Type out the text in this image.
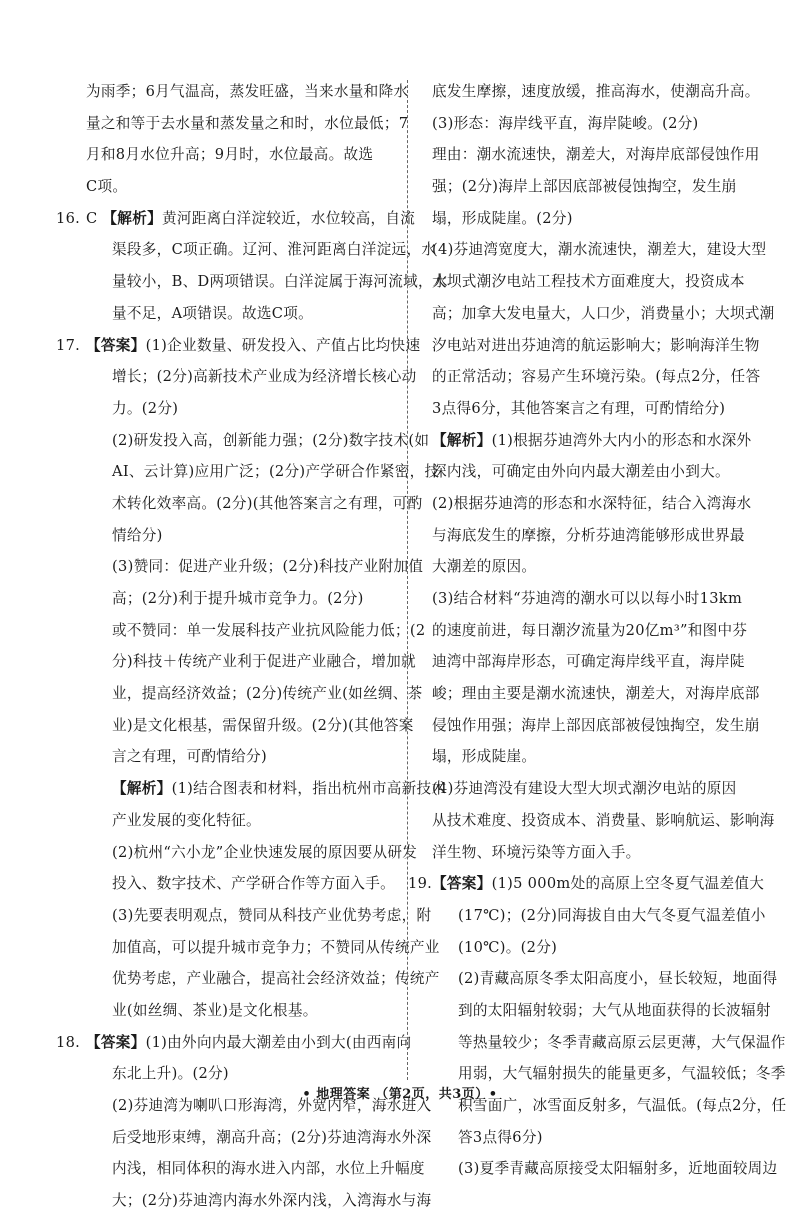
为雨季；6月气温高，蒸发旺盛，当来水量和降水
量之和等于去水量和蒸发量之和时，水位最低；7
月和8月水位升高；9月时，水位最高。故选
C项。
16. C 【解析】黄河距离白洋淀较近，水位较高，自流
渠段多，C项正确。辽河、淮河距离白洋淀远，水
量较小，B、D两项错误。白洋淀属于海河流域，水
量不足，A项错误。故选C项。
17. 【答案】(1)企业数量、研发投入、产值占比均快速
增长；(2分)高新技术产业成为经济增长核心动
力。(2分)
(2)研发投入高，创新能力强；(2分)数字技术(如
AI、云计算)应用广泛；(2分)产学研合作紧密，技
术转化效率高。(2分)(其他答案言之有理，可酌
情给分)
(3)赞同：促进产业升级；(2分)科技产业附加值
高；(2分)利于提升城市竞争力。(2分)
或不赞同：单一发展科技产业抗风险能力低；(2
分)科技＋传统产业利于促进产业融合，增加就
业，提高经济效益；(2分)传统产业(如丝绸、茶
业)是文化根基，需保留升级。(2分)(其他答案
言之有理，可酌情给分)
【解析】(1)结合图表和材料，指出杭州市高新技术
产业发展的变化特征。
(2)杭州“六小龙”企业快速发展的原因要从研发
投入、数字技术、产学研合作等方面入手。
(3)先要表明观点，赞同从科技产业优势考虑，附
加值高，可以提升城市竞争力；不赞同从传统产业
优势考虑，产业融合，提高社会经济效益；传统产
业(如丝绸、茶业)是文化根基。
18. 【答案】(1)由外向内最大潮差由小到大(由西南向
东北上升)。(2分)
(2)芬迪湾为喇叭口形海湾，外宽内窄，海水进入
后受地形束缚，潮高升高；(2分)芬迪湾海水外深
内浅，相同体积的海水进入内部，水位上升幅度
大；(2分)芬迪湾内海水外深内浅，入湾海水与海
底发生摩擦，速度放缓，推高海水，使潮高升高。
(3)形态：海岸线平直，海岸陡峻。(2分)
理由：潮水流速快，潮差大，对海岸底部侵蚀作用
强；(2分)海岸上部因底部被侵蚀掏空，发生崩
塌，形成陡崖。(2分)
(4)芬迪湾宽度大，潮水流速快，潮差大，建设大型
大坝式潮汐电站工程技术方面难度大，投资成本
高；加拿大发电量大，人口少，消费量小；大坝式潮
汐电站对进出芬迪湾的航运影响大；影响海洋生物
的正常活动；容易产生环境污染。(每点2分，任答
3点得6分，其他答案言之有理，可酌情给分)
【解析】(1)根据芬迪湾外大内小的形态和水深外
深内浅，可确定由外向内最大潮差由小到大。
(2)根据芬迪湾的形态和水深特征，结合入湾海水
与海底发生的摩擦，分析芬迪湾能够形成世界最
大潮差的原因。
(3)结合材料“芬迪湾的潮水可以以每小时13km
的速度前进，每日潮汐流量为20亿m³”和图中芬
迪湾中部海岸形态，可确定海岸线平直，海岸陡
峻；理由主要是潮水流速快，潮差大，对海岸底部
侵蚀作用强；海岸上部因底部被侵蚀掏空，发生崩
塌，形成陡崖。
(4)芬迪湾没有建设大型大坝式潮汐电站的原因
从技术难度、投资成本、消费量、影响航运、影响海
洋生物、环境污染等方面入手。
19.【答案】(1)5 000m处的高原上空冬夏气温差值大
(17℃)；(2分)同海拔自由大气冬夏气温差值小
(10℃)。(2分)
(2)青藏高原冬季太阳高度小，昼长较短，地面得
到的太阳辐射较弱；大气从地面获得的长波辐射
等热量较少；冬季青藏高原云层更薄，大气保温作
用弱，大气辐射损失的能量更多，气温较低；冬季
积雪面广，冰雪面反射多，气温低。(每点2分，任
答3点得6分)
(3)夏季青藏高原接受太阳辐射多，近地面较周边
• 地理答案 （第2页，共3页）•
